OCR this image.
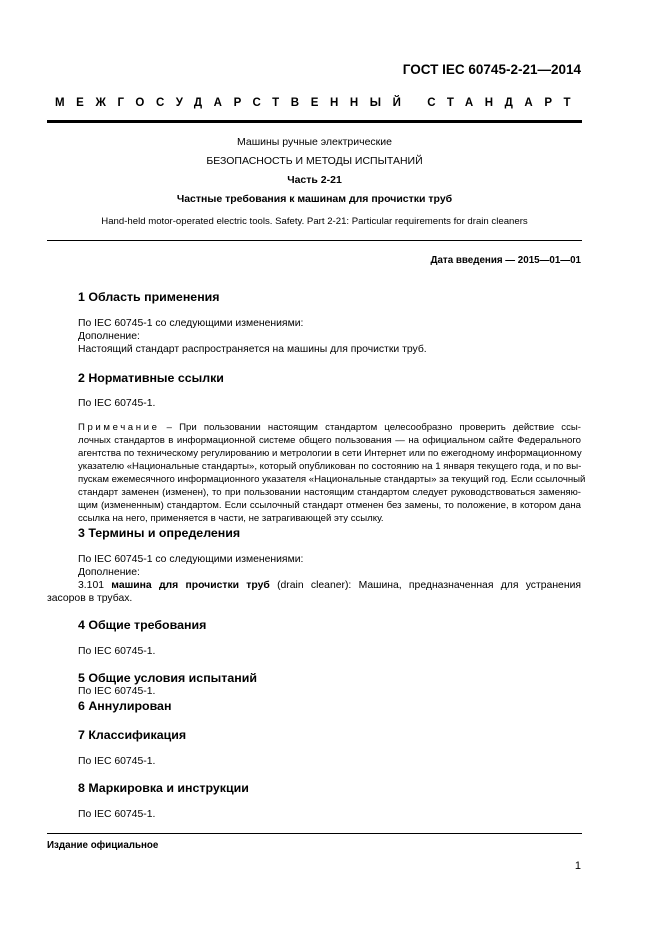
ГОСТ IEC 60745-2-21—2014
МЕЖГОСУДАРСТВЕННЫЙ СТАНДАРТ
Машины ручные электрические
БЕЗОПАСНОСТЬ И МЕТОДЫ ИСПЫТАНИЙ
Часть 2-21
Частные требования к машинам для прочистки труб
Hand-held motor-operated electric tools. Safety. Part 2-21: Particular requirements for drain cleaners
Дата введения — 2015—01—01
1 Область применения
По IEC 60745-1 со следующими изменениями:
Дополнение:
Настоящий стандарт распространяется на машины для прочистки труб.
2 Нормативные ссылки
По IEC 60745-1.
Примечание – При пользовании настоящим стандартом целесообразно проверить действие ссы-
лочных стандартов в информационной системе общего пользования — на официальном сайте Федерального
агентства по техническому регулированию и метрологии в сети Интернет или по ежегодному информационному
указателю «Национальные стандарты», который опубликован по состоянию на 1 января текущего года, и по вы-
пускам ежемесячного информационного указателя «Национальные стандарты» за текущий год. Если ссылочный
стандарт заменен (изменен), то при пользовании настоящим стандартом следует руководствоваться заменяю-
щим (измененным) стандартом. Если ссылочный стандарт отменен без замены, то положение, в котором дана
ссылка на него, применяется в части, не затрагивающей эту ссылку.
3 Термины и определения
По IEC 60745-1 со следующими изменениями:
Дополнение:
3.101 машина для прочистки труб (drain cleaner): Машина, предназначенная для устранения
засоров в трубах.
4 Общие требования
По IEC 60745-1.
5 Общие условия испытаний
По IEC 60745-1.
6 Аннулирован
7 Классификация
По IEC 60745-1.
8 Маркировка и инструкции
По IEC 60745-1.
Издание официальное
1
